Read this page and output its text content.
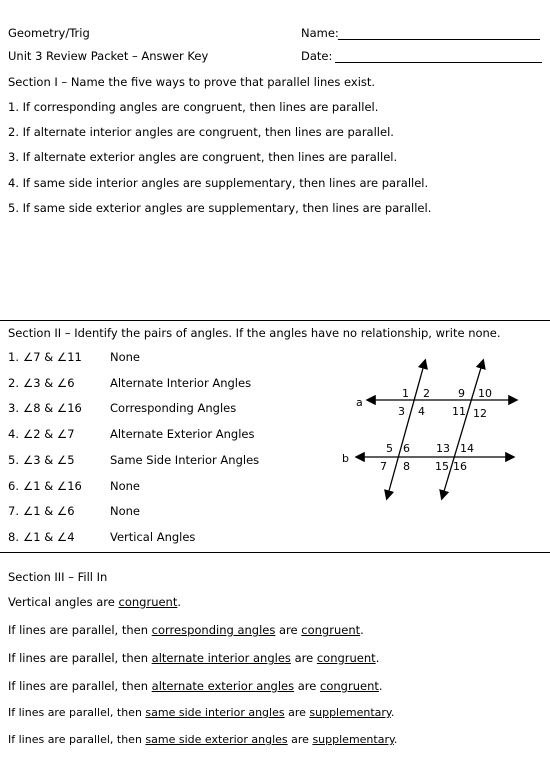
Geometry/Trig
Unit 3 Review Packet – Answer Key
Name:
Date:
Section I – Name the five ways to prove that parallel lines exist.
1. If corresponding angles are congruent, then lines are parallel.
2. If alternate interior angles are congruent, then lines are parallel.
3. If alternate exterior angles are congruent, then lines are parallel.
4. If same side interior angles are supplementary, then lines are parallel.
5. If same side exterior angles are supplementary, then lines are parallel.
Section II – Identify the pairs of angles. If the angles have no relationship, write none.
1. ∠7 & ∠11 None
2. ∠3 & ∠6	Alternate Interior Angles
3. ∠8 & ∠16 Corresponding Angles
4. ∠2 & ∠7	Alternate Exterior Angles
5. ∠3 & ∠5	Same Side Interior Angles
6. ∠1 & ∠16 None
7. ∠1 & ∠6	None
8. ∠1 & ∠4	Vertical Angles
a
b
1 2
3 4
9 10
11 12
5 6
7 8
13 14
15 16
Section III – Fill In
Vertical angles are congruent.
If lines are parallel, then corresponding angles are congruent.
If lines are parallel, then alternate interior angles are congruent.
If lines are parallel, then alternate exterior angles are congruent.
If lines are parallel, then same side interior angles are supplementary.
If lines are parallel, then same side exterior angles are supplementary.
